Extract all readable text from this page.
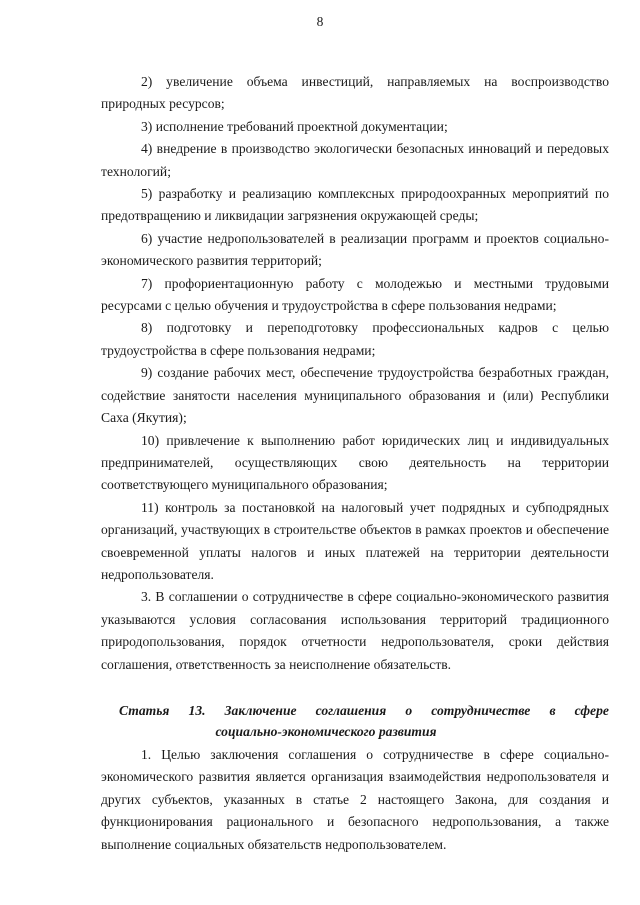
8

2) увеличение объема инвестиций, направляемых на воспроизводство природных ресурсов;

3) исполнение требований проектной документации;

4) внедрение в производство экологически безопасных инноваций и передовых технологий;

5) разработку и реализацию комплексных природоохранных мероприятий по предотвращению и ликвидации загрязнения окружающей среды;

6) участие недропользователей в реализации программ и проектов социально-экономического развития территорий;

7) профориентационную работу с молодежью и местными трудовыми ресурсами с целью обучения и трудоустройства в сфере пользования недрами;

8) подготовку и переподготовку профессиональных кадров с целью трудоустройства в сфере пользования недрами;

9) создание рабочих мест, обеспечение трудоустройства безработных граждан, содействие занятости населения муниципального образования и (или) Республики Саха (Якутия);

10) привлечение к выполнению работ юридических лиц и индивидуальных предпринимателей, осуществляющих свою деятельность на территории соответствующего муниципального образования;

11) контроль за постановкой на налоговый учет подрядных и субподрядных организаций, участвующих в строительстве объектов в рамках проектов и обеспечение своевременной уплаты налогов и иных платежей на территории деятельности недропользователя.

3. В соглашении о сотрудничестве в сфере социально-экономического развития указываются условия согласования использования территорий традиционного природопользования, порядок отчетности недропользователя, сроки действия соглашения, ответственность за неисполнение обязательств.

Статья 13. Заключение соглашения о сотрудничестве в сфере
социально-экономического развития

1. Целью заключения соглашения о сотрудничестве в сфере социально-экономического развития является организация взаимодействия недропользователя и других субъектов, указанных в статье 2 настоящего Закона, для создания и функционирования рационального и безопасного недропользования, а также выполнение социальных обязательств недропользователем.
